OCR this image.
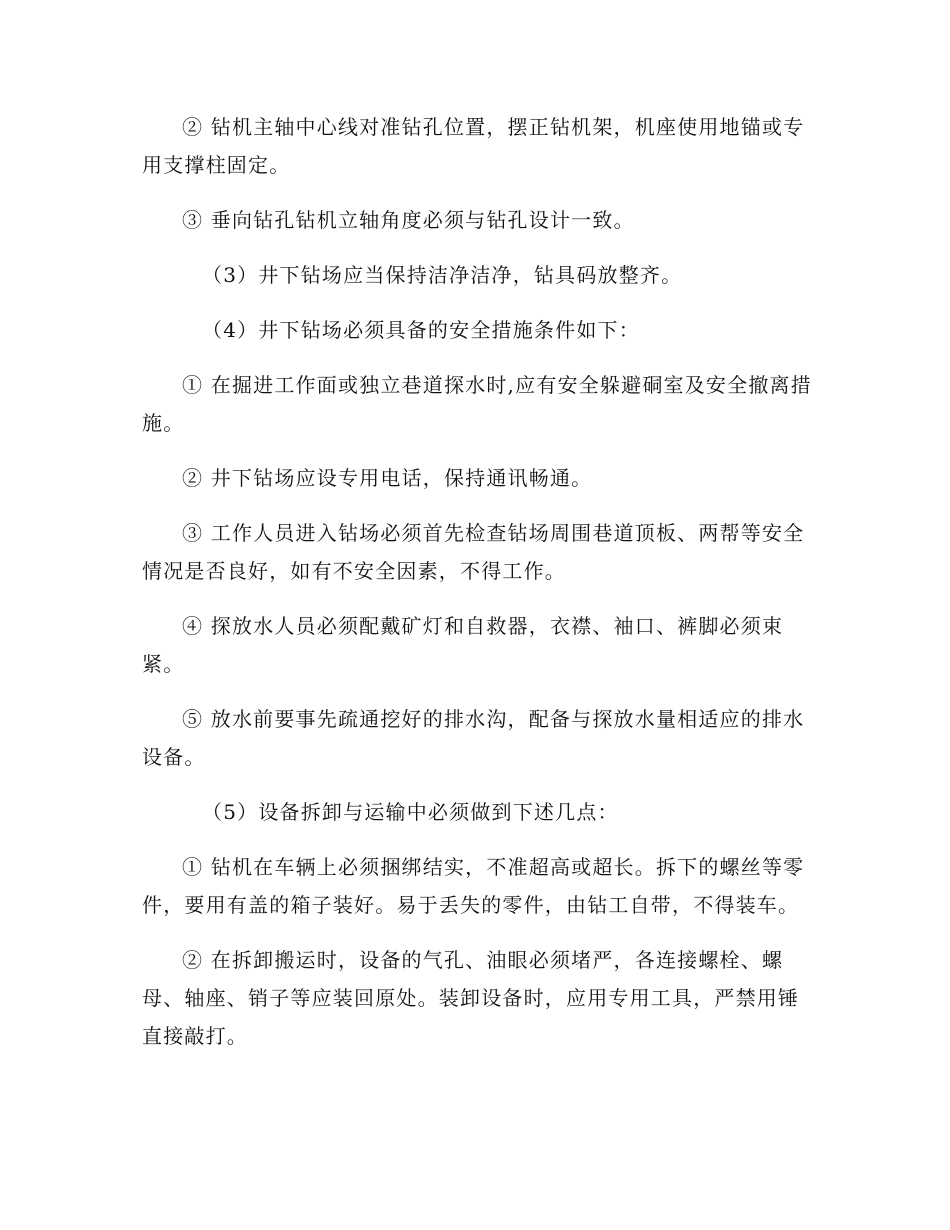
② 钻机主轴中心线对准钻孔位置，摆正钻机架，机座使用地锚或专用支撑柱固定。

③ 垂向钻孔钻机立轴角度必须与钻孔设计一致。

（3）井下钻场应当保持洁净洁净，钻具码放整齐。

（4）井下钻场必须具备的安全措施条件如下：

① 在掘进工作面或独立巷道探水时,应有安全躲避硐室及安全撤离措施。

② 井下钻场应设专用电话，保持通讯畅通。

③ 工作人员进入钻场必须首先检查钻场周围巷道顶板、两帮等安全情况是否良好，如有不安全因素，不得工作。

④ 探放水人员必须配戴矿灯和自救器，衣襟、袖口、裤脚必须束紧。

⑤ 放水前要事先疏通挖好的排水沟，配备与探放水量相适应的排水设备。

（5）设备拆卸与运输中必须做到下述几点：

① 钻机在车辆上必须捆绑结实，不准超高或超长。拆下的螺丝等零件，要用有盖的箱子装好。易于丢失的零件，由钻工自带，不得装车。

② 在拆卸搬运时，设备的气孔、油眼必须堵严，各连接螺栓、螺母、轴座、销子等应装回原处。装卸设备时，应用专用工具，严禁用锤直接敲打。
